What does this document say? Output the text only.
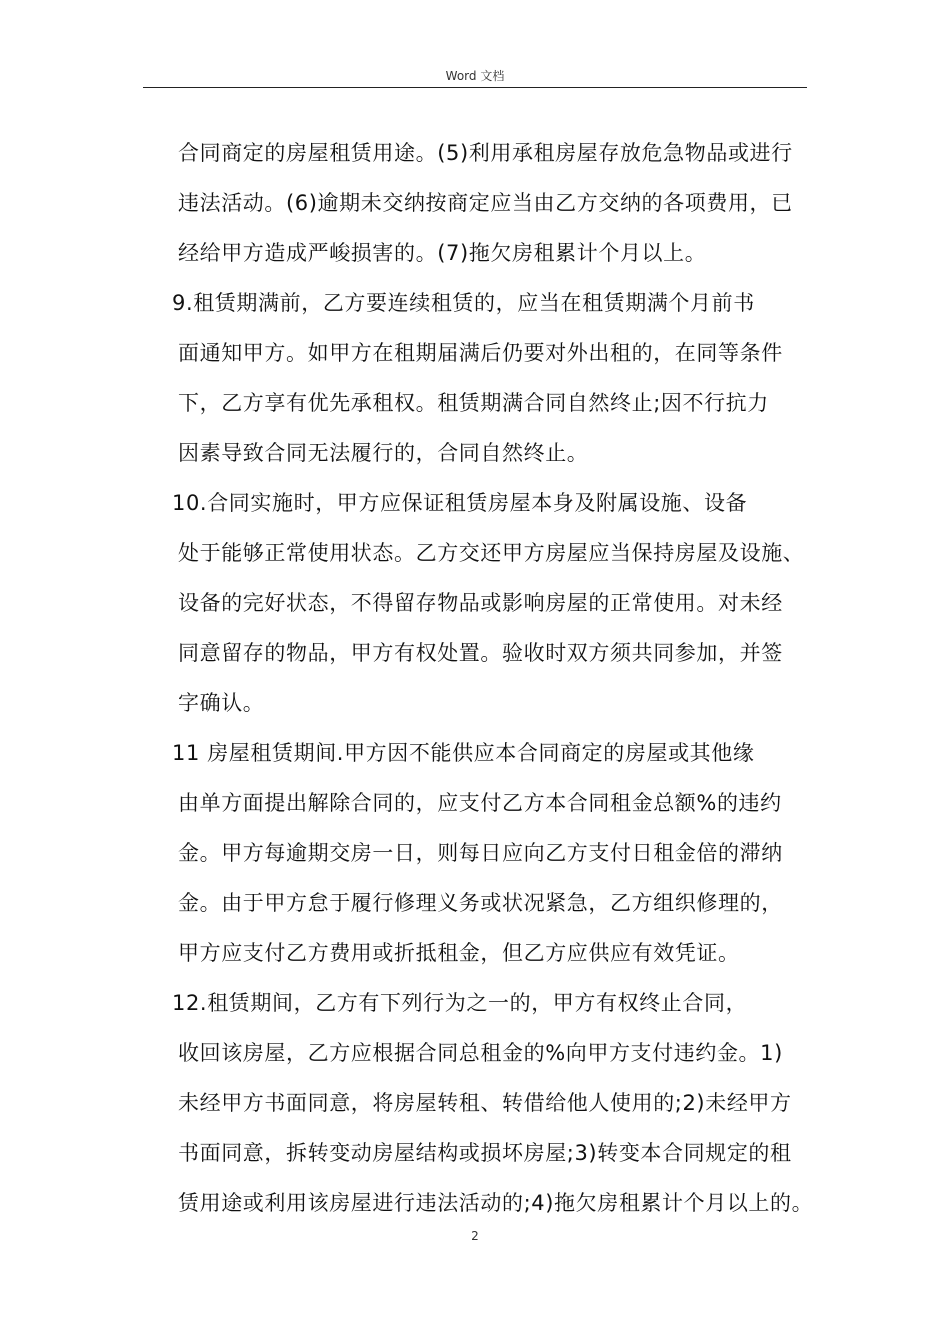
Word 文档
合同商定的房屋租赁用途。(5)利用承租房屋存放危急物品或进行
违法活动。(6)逾期未交纳按商定应当由乙方交纳的各项费用，已
经给甲方造成严峻损害的。(7)拖欠房租累计个月以上。
9.租赁期满前，乙方要连续租赁的，应当在租赁期满个月前书
面通知甲方。如甲方在租期届满后仍要对外出租的，在同等条件
下，乙方享有优先承租权。租赁期满合同自然终止;因不行抗力
因素导致合同无法履行的，合同自然终止。
10.合同实施时，甲方应保证租赁房屋本身及附属设施、设备
处于能够正常使用状态。乙方交还甲方房屋应当保持房屋及设施、
设备的完好状态，不得留存物品或影响房屋的正常使用。对未经
同意留存的物品，甲方有权处置。验收时双方须共同参加，并签
字确认。
11 房屋租赁期间.甲方因不能供应本合同商定的房屋或其他缘
由单方面提出解除合同的，应支付乙方本合同租金总额%的违约
金。甲方每逾期交房一日，则每日应向乙方支付日租金倍的滞纳
金。由于甲方怠于履行修理义务或状况紧急，乙方组织修理的，
甲方应支付乙方费用或折抵租金，但乙方应供应有效凭证。
12.租赁期间，乙方有下列行为之一的，甲方有权终止合同，
收回该房屋，乙方应根据合同总租金的%向甲方支付违约金。1)
未经甲方书面同意，将房屋转租、转借给他人使用的;2)未经甲方
书面同意，拆转变动房屋结构或损坏房屋;3)转变本合同规定的租
赁用途或利用该房屋进行违法活动的;4)拖欠房租累计个月以上的。
2
